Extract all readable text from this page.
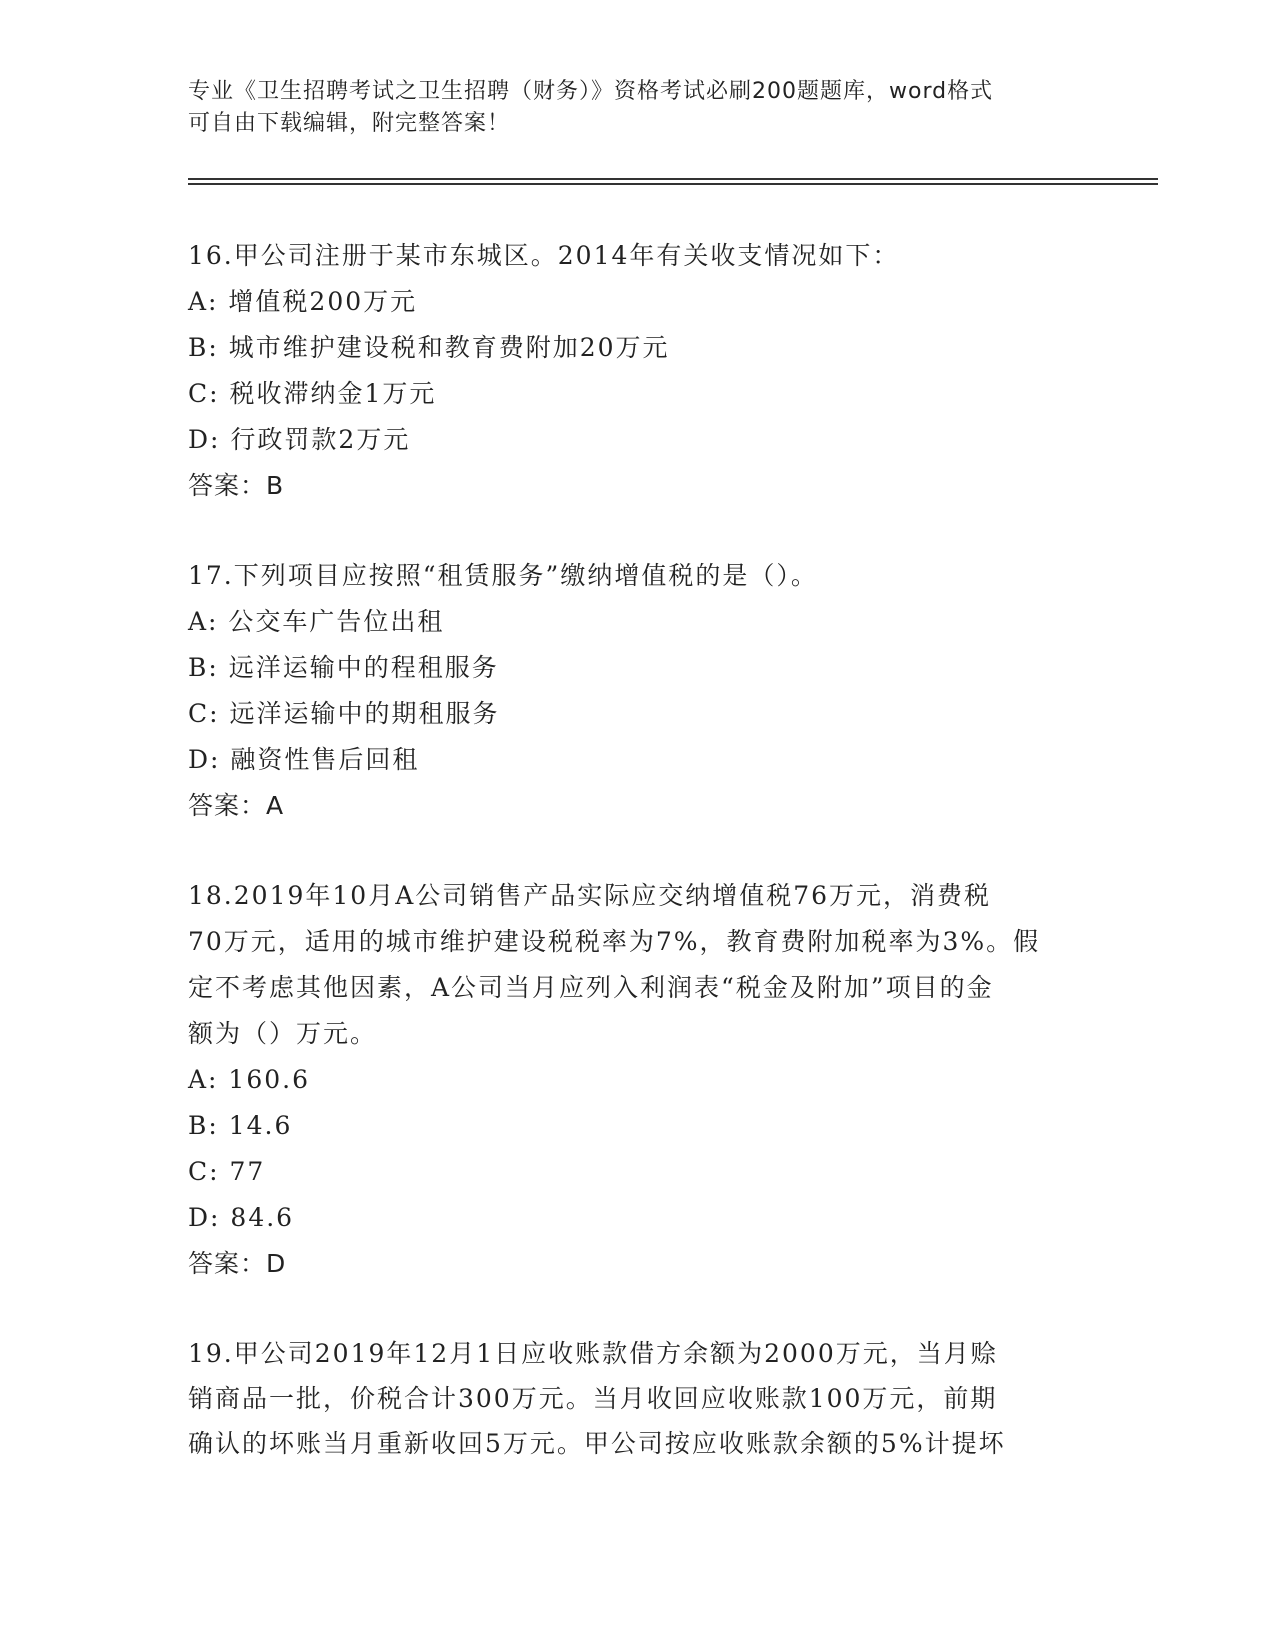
专业《卫生招聘考试之卫生招聘（财务）》资格考试必刷200题题库，word格式
可自由下载编辑，附完整答案！
16.甲公司注册于某市东城区。2014年有关收支情况如下：
A: 增值税200万元
B: 城市维护建设税和教育费附加20万元
C: 税收滞纳金1万元
D: 行政罚款2万元
答案：B
17.下列项目应按照“租赁服务”缴纳增值税的是（）。
A: 公交车广告位出租
B: 远洋运输中的程租服务
C: 远洋运输中的期租服务
D: 融资性售后回租
答案：A
18.2019年10月A公司销售产品实际应交纳增值税76万元，消费税
70万元，适用的城市维护建设税税率为7%，教育费附加税率为3%。假
定不考虑其他因素，A公司当月应列入利润表“税金及附加”项目的金
额为（）万元。
A: 160.6
B: 14.6
C: 77
D: 84.6
答案：D
19.甲公司2019年12月1日应收账款借方余额为2000万元，当月赊
销商品一批，价税合计300万元。当月收回应收账款100万元，前期
确认的坏账当月重新收回5万元。甲公司按应收账款余额的5%计提坏
